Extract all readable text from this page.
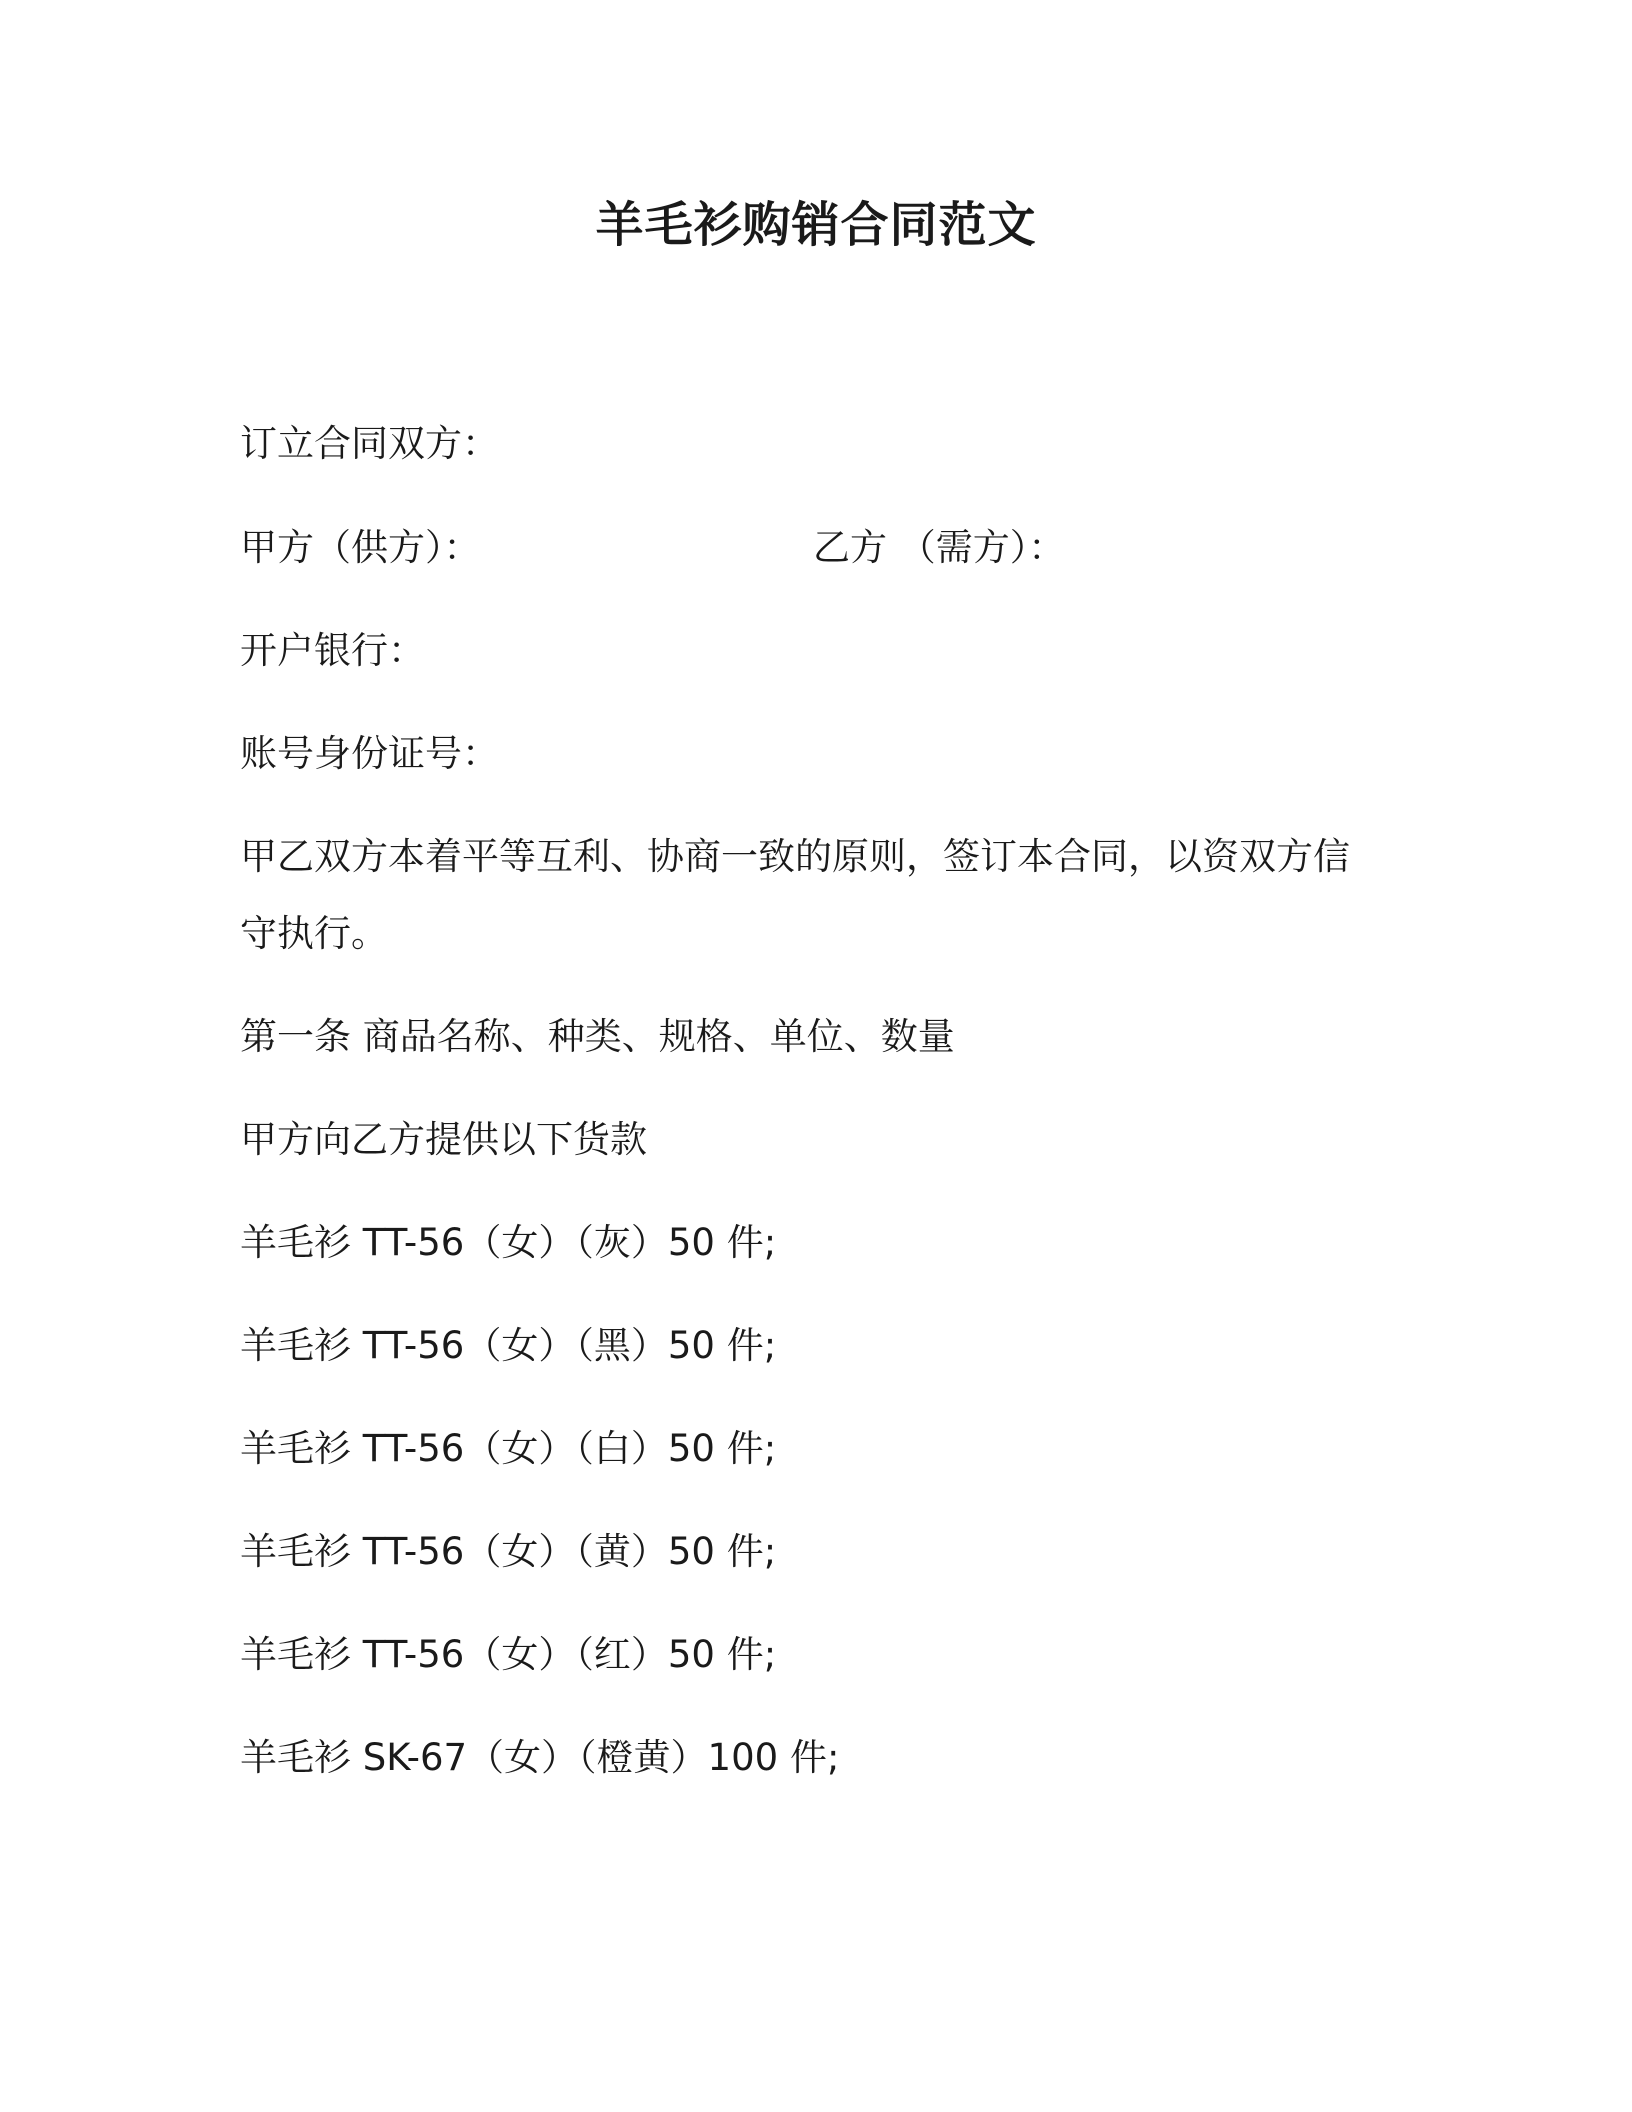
羊毛衫购销合同范文
订立合同双方：
甲方（供方）：	乙方 （需方）：
开户银行：
账号身份证号：
甲乙双方本着平等互利、协商一致的原则，签订本合同，以资双方信守执行。
第一条 商品名称、种类、规格、单位、数量
甲方向乙方提供以下货款
羊毛衫 TT-56（女）（灰）50 件;
羊毛衫 TT-56（女）（黑）50 件;
羊毛衫 TT-56（女）（白）50 件;
羊毛衫 TT-56（女）（黄）50 件;
羊毛衫 TT-56（女）（红）50 件;
羊毛衫 SK-67（女）（橙黄）100 件;
